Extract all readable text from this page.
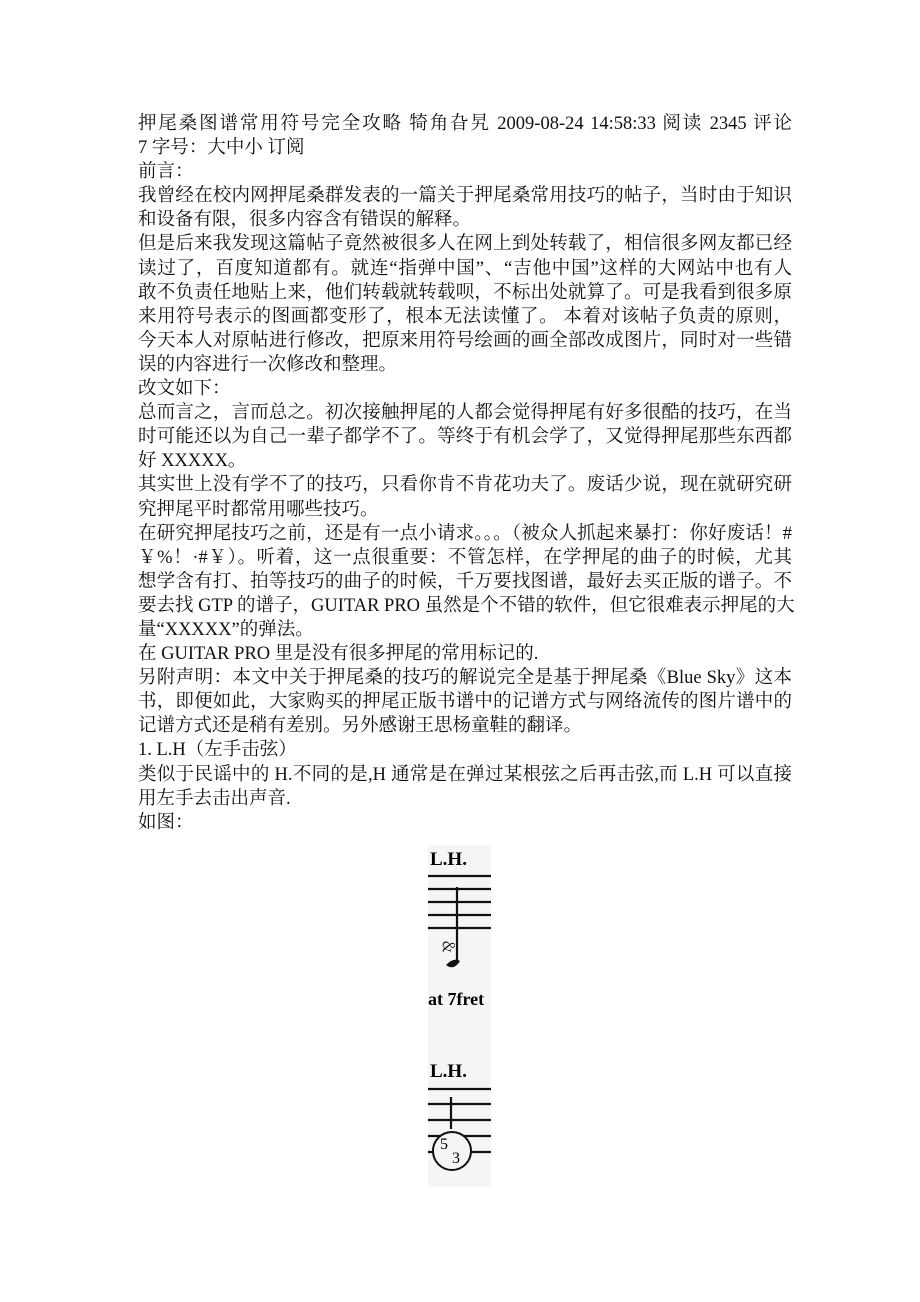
押尾桑图谱常用符号完全攻略 犄角旮旯 2009-08-24 14:58:33 阅读 2345 评论
7 字号：大中小 订阅
前言：
我曾经在校内网押尾桑群发表的一篇关于押尾桑常用技巧的帖子，当时由于知识
和设备有限，很多内容含有错误的解释。
但是后来我发现这篇帖子竟然被很多人在网上到处转载了，相信很多网友都已经
读过了，百度知道都有。就连“指弹中国”、“吉他中国”这样的大网站中也有人
敢不负责任地贴上来，他们转载就转载呗，不标出处就算了。可是我看到很多原
来用符号表示的图画都变形了，根本无法读懂了。 本着对该帖子负责的原则，
今天本人对原帖进行修改，把原来用符号绘画的画全部改成图片，同时对一些错
误的内容进行一次修改和整理。
改文如下：
总而言之，言而总之。初次接触押尾的人都会觉得押尾有好多很酷的技巧，在当
时可能还以为自己一辈子都学不了。等终于有机会学了，又觉得押尾那些东西都
好 XXXXX。
其实世上没有学不了的技巧，只看你肯不肯花功夫了。废话少说，现在就研究研
究押尾平时都常用哪些技巧。
在研究押尾技巧之前，还是有一点小请求。。。（被众人抓起来暴打：你好废话！#
￥%！·#￥）。听着，这一点很重要：不管怎样，在学押尾的曲子的时候，尤其
想学含有打、拍等技巧的曲子的时候，千万要找图谱，最好去买正版的谱子。不
要去找 GTP 的谱子，GUITAR PRO 虽然是个不错的软件，但它很难表示押尾的大
量“XXXXX”的弹法。
在 GUITAR PRO 里是没有很多押尾的常用标记的.
另附声明：本文中关于押尾桑的技巧的解说完全是基于押尾桑《Blue Sky》这本
书，即便如此，大家购买的押尾正版书谱中的记谱方式与网络流传的图片谱中的
记谱方式还是稍有差别。另外感谢王思杨童鞋的翻译。
1. L.H（左手击弦）
类似于民谣中的 H.不同的是,H 通常是在弹过某根弦之后再击弦,而 L.H 可以直接
用左手去击出声音.
如图：
L.H.
﹠
at 7fret
L.H.
5
3
